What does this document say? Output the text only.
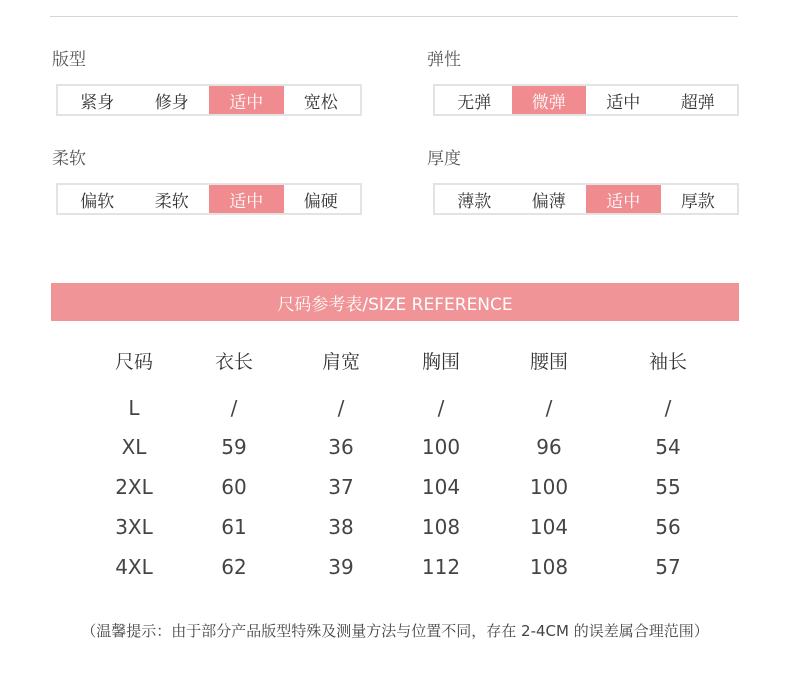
版型
紧身	修身	适中	宽松
弹性
无弹	微弹	适中	超弹
柔软
偏软	柔软	适中	偏硬
厚度
薄款	偏薄	适中	厚款
尺码参考表/SIZE REFERENCE
尺码	衣长	肩宽	胸围	腰围	袖长
L	/	/	/	/	/
XL	59	36	100	96	54
2XL	60	37	104	100	55
3XL	61	38	108	104	56
4XL	62	39	112	108	57
（温馨提示：由于部分产品版型特殊及测量方法与位置不同，存在 2-4CM 的误差属合理范围）
